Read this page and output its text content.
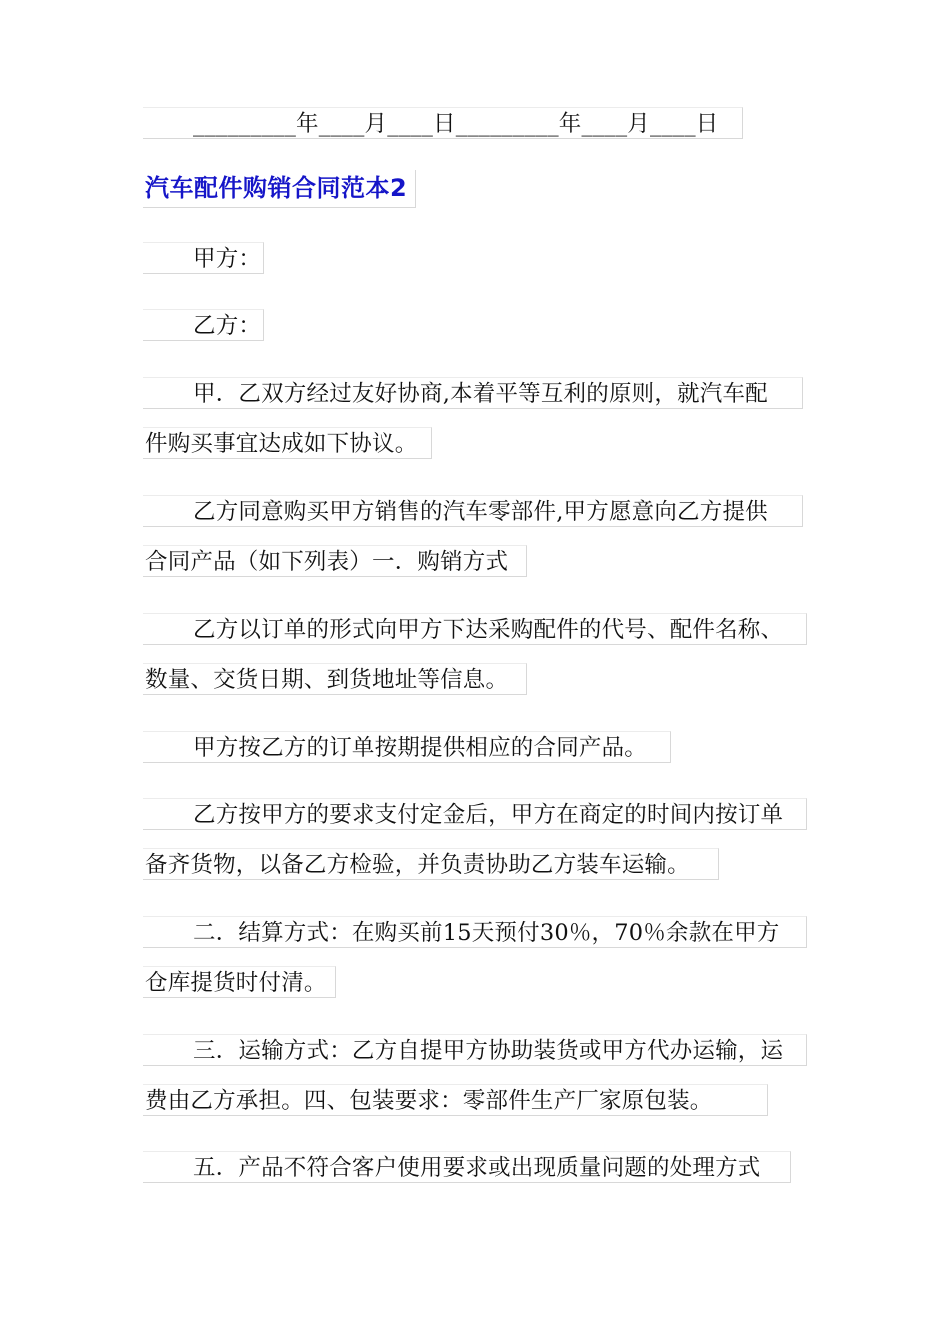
_________年____月____日_________年____月____日
汽车配件购销合同范本2
甲方：
乙方：
甲．乙双方经过友好协商,本着平等互利的原则，就汽车配
件购买事宜达成如下协议。
乙方同意购买甲方销售的汽车零部件,甲方愿意向乙方提供
合同产品（如下列表）一．购销方式
乙方以订单的形式向甲方下达采购配件的代号、配件名称、
数量、交货日期、到货地址等信息。
甲方按乙方的订单按期提供相应的合同产品。
乙方按甲方的要求支付定金后，甲方在商定的时间内按订单
备齐货物，以备乙方检验，并负责协助乙方装车运输。
二．结算方式：在购买前15天预付30％，70％余款在甲方
仓库提货时付清。
三．运输方式：乙方自提甲方协助装货或甲方代办运输，运
费由乙方承担。四、包装要求：零部件生产厂家原包装。
五．产品不符合客户使用要求或出现质量问题的处理方式
